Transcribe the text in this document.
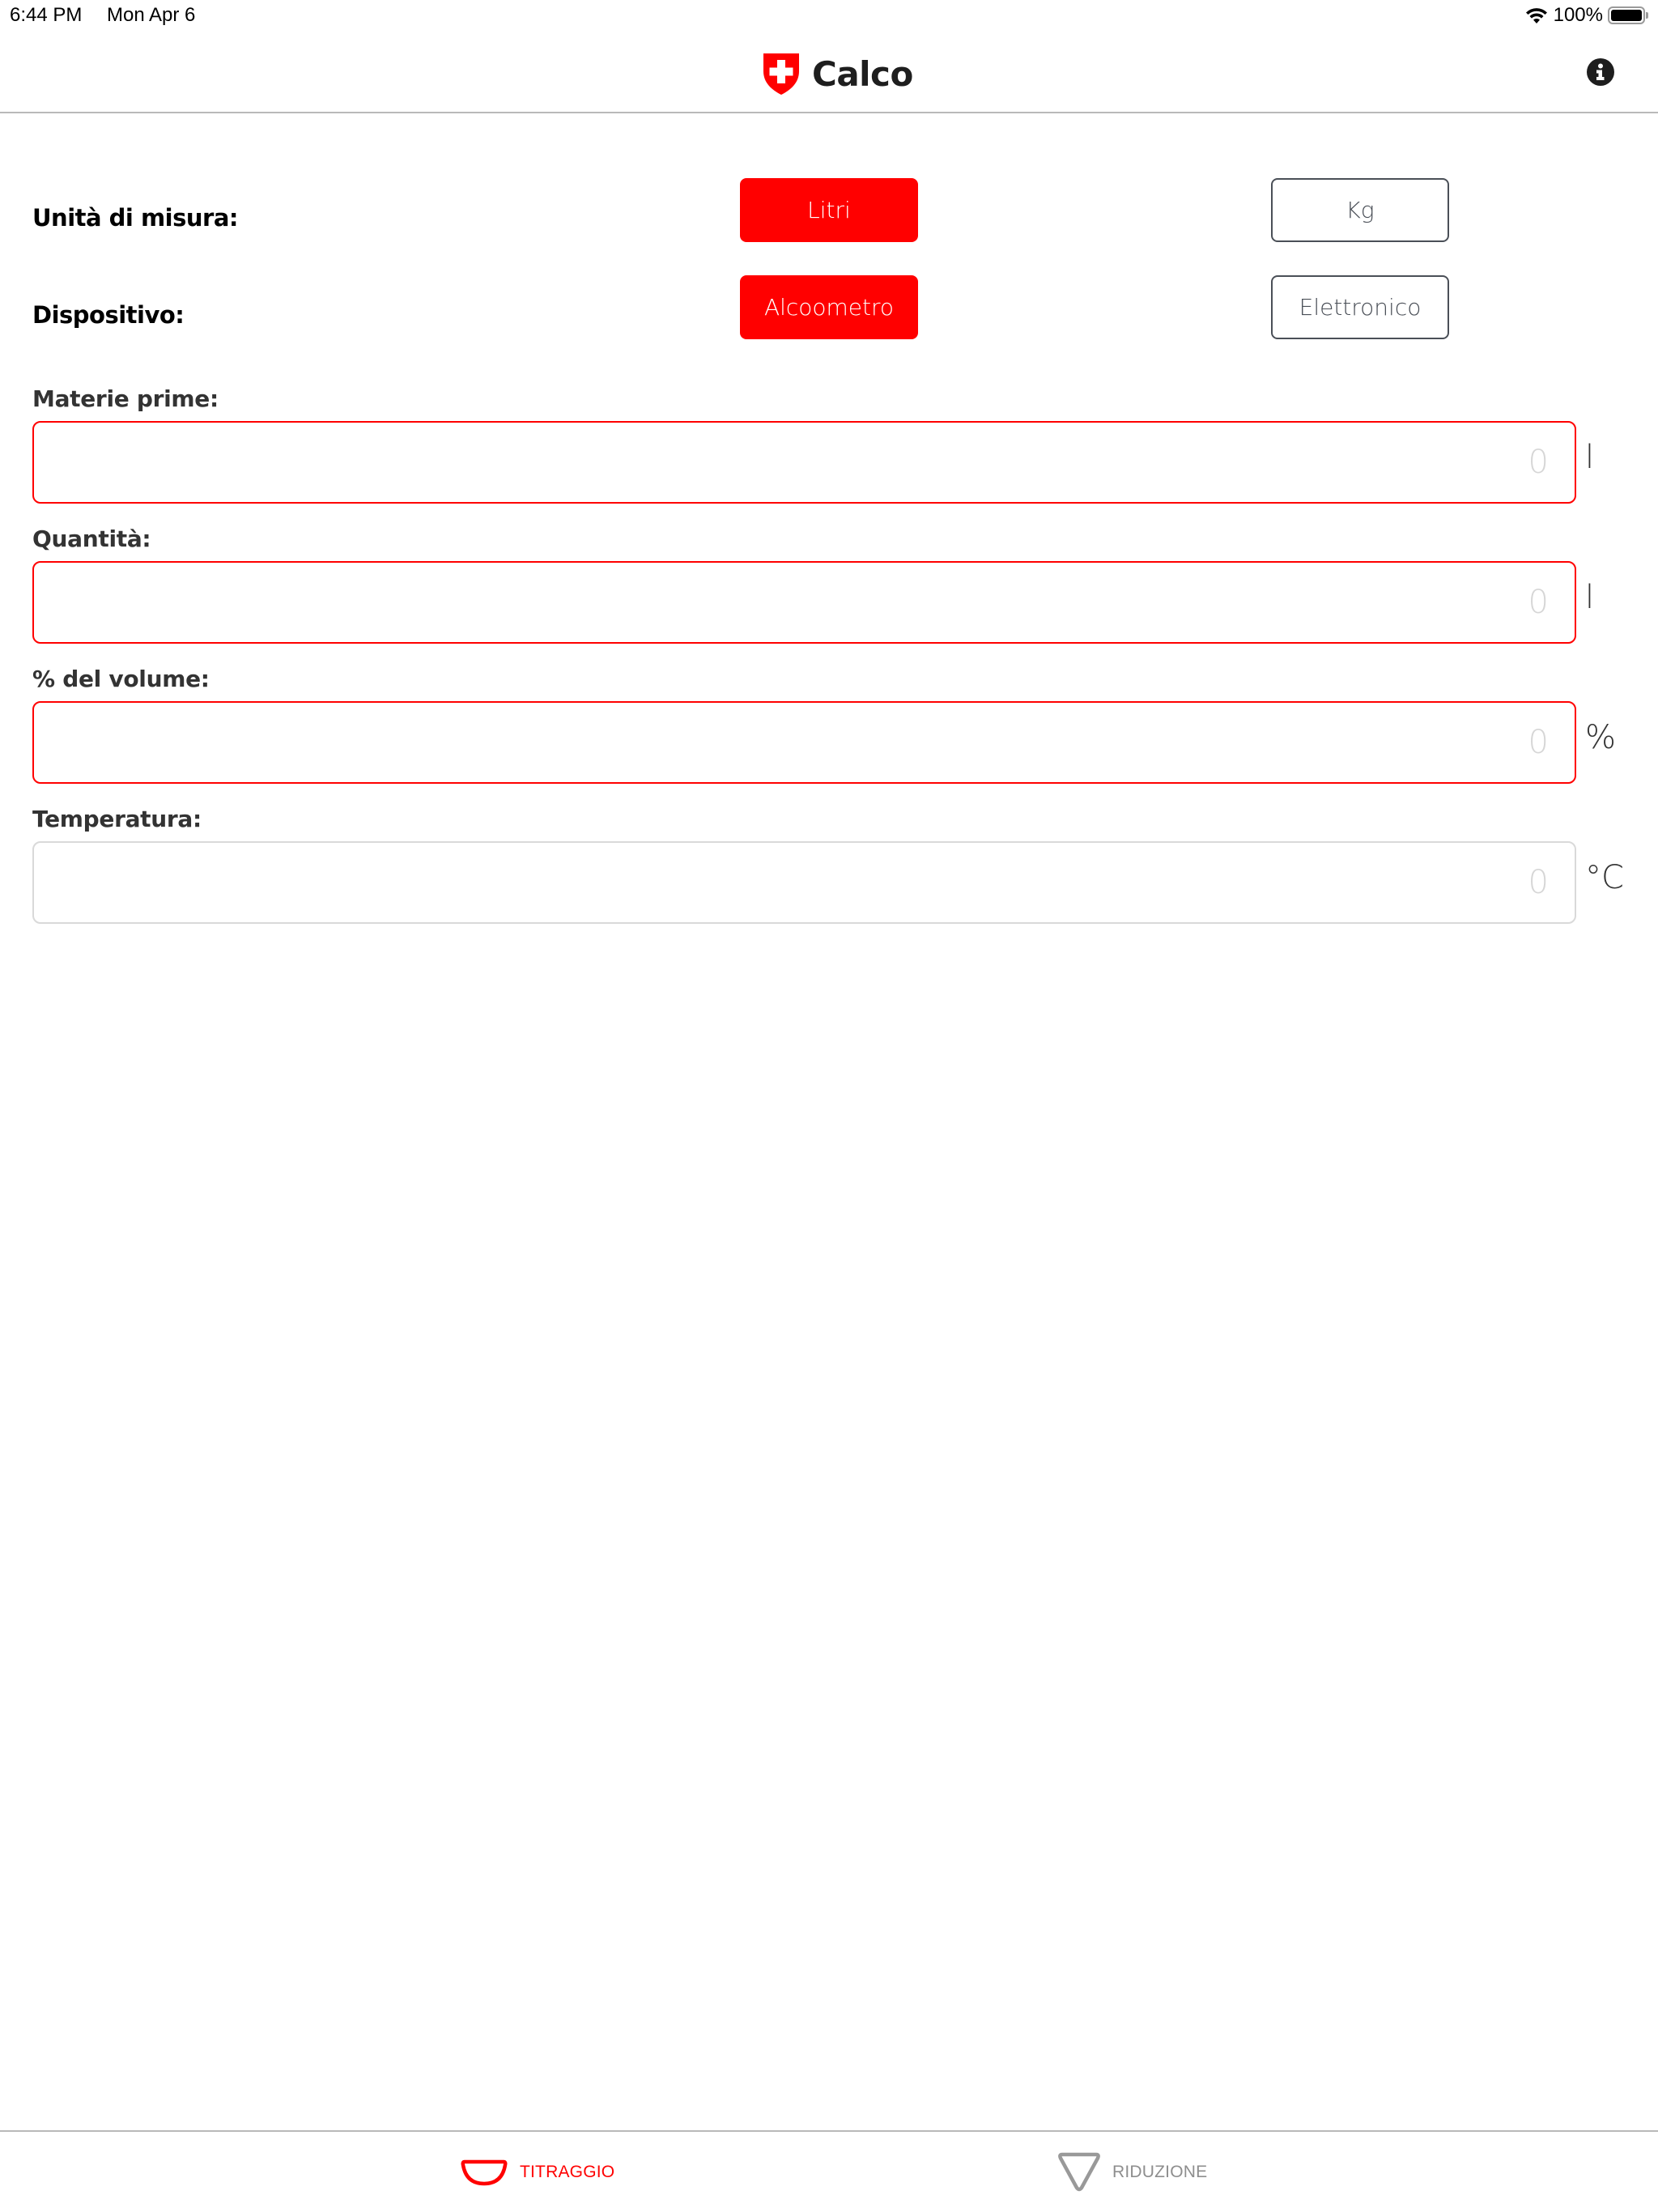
6:44 PM Mon Apr 6	100%
Calco
Unità di misura:	Litri	Kg
Dispositivo:	Alcoometro	Elettronico
Materie prime:
0
l
Quantità:
0
l
% del volume:
0
%
Temperatura:
0
°C
TITRAGGIO	RIDUZIONE
